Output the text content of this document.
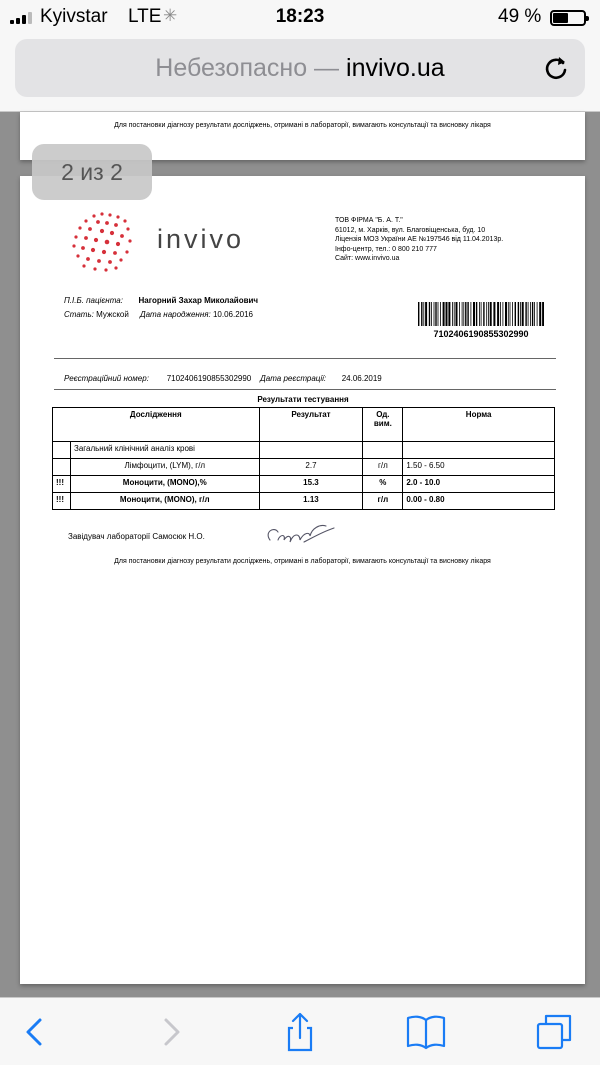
Kyivstar LTE ✳	18:23	49 %
Небезопасно — invivo.ua
Для постановки діагнозу результати досліджень, отримані в лабораторії, вимагають консультації та висновку лікаря
invivo
ТОВ ФІРМА "Б. А. Т."
61012, м. Харків, вул. Благовіщенська, буд. 10
Ліцензія МОЗ України АЕ №197546 від 11.04.2013р.
Інфо-центр, тел.: 0 800 210 777
Сайт: www.invivo.ua
П.І.Б. пацієнта: Нагорний Захар Миколайович
Стать: Мужской Дата народження: 10.06.2016
7102406190855302990
Реєстраційний номер: 7102406190855302990 Дата реєстрації: 24.06.2019
Результати тестування
Дослідження		Результат	Од. вим.	Норма
	Загальний клінічний аналіз крові			
	Лімфоцити, (LYM), г/л	2.7	г/л	1.50 - 6.50
!!!	Моноцити, (MONO),%	15.3	%	2.0 - 10.0
!!!	Моноцити, (MONO), г/л	1.13	г/л	0.00 - 0.80
Завідувач лабораторії Самосюк Н.О.
Для постановки діагнозу результати досліджень, отримані в лабораторії, вимагають консультації та висновку лікаря
2 из 2
